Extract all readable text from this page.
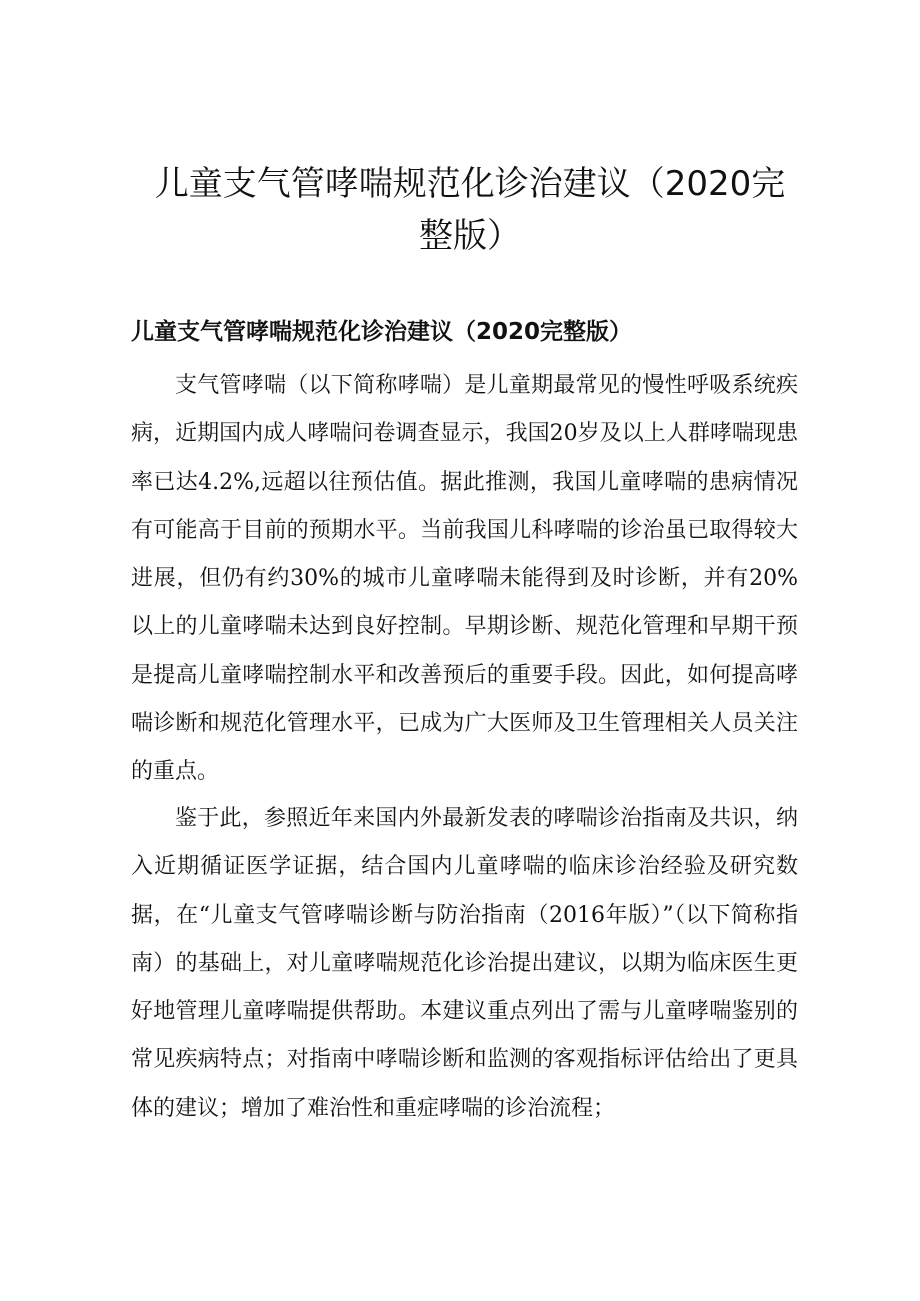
儿童支气管哮喘规范化诊治建议（2020完整版）
儿童支气管哮喘规范化诊治建议（2020完整版）

支气管哮喘（以下简称哮喘）是儿童期最常见的慢性呼吸系统疾病，近期国内成人哮喘问卷调查显示，我国20岁及以上人群哮喘现患率已达4.2%,远超以往预估值。据此推测，我国儿童哮喘的患病情况有可能高于目前的预期水平。当前我国儿科哮喘的诊治虽已取得较大进展，但仍有约30%的城市儿童哮喘未能得到及时诊断，并有20%以上的儿童哮喘未达到良好控制。早期诊断、规范化管理和早期干预是提高儿童哮喘控制水平和改善预后的重要手段。因此，如何提高哮喘诊断和规范化管理水平，已成为广大医师及卫生管理相关人员关注的重点。

鉴于此，参照近年来国内外最新发表的哮喘诊治指南及共识，纳入近期循证医学证据，结合国内儿童哮喘的临床诊治经验及研究数据，在“儿童支气管哮喘诊断与防治指南（2016年版）”（以下简称指南）的基础上，对儿童哮喘规范化诊治提出建议，以期为临床医生更好地管理儿童哮喘提供帮助。本建议重点列出了需与儿童哮喘鉴别的常见疾病特点；对指南中哮喘诊断和监测的客观指标评估给出了更具体的建议；增加了难治性和重症哮喘的诊治流程；
